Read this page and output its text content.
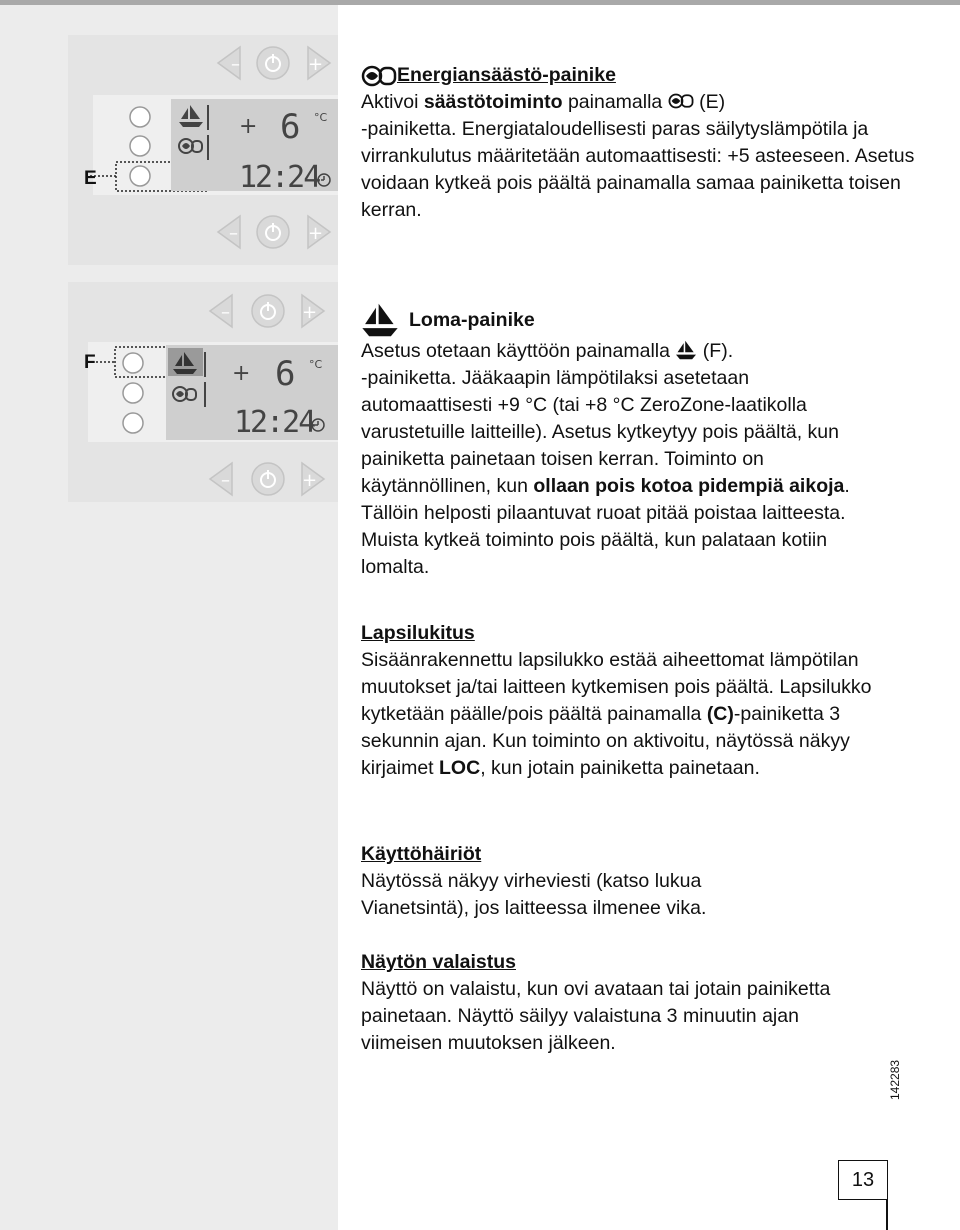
–	+
+ 6 °C
12:24
–	+
E
–	+
+ 6 °C
12:24
–	+
F
Energiansäästö-painike

Aktivoi säästötoiminto painamalla  (E)
-painiketta. Energiataloudellisesti paras säilytyslämpötila ja virrankulutus määritetään automaattisesti: +5 asteeseen. Asetus voidaan kytkeä pois päältä painamalla samaa painiketta toisen kerran.

Loma-painike

Asetus otetaan käyttöön painamalla  (F).
-painiketta. Jääkaapin lämpötilaksi asetetaan automaattisesti +9 °C (tai +8 °C ZeroZone-laatikolla varustetuille laitteille). Asetus kytkeytyy pois päältä, kun painiketta painetaan toisen kerran. Toiminto on käytännöllinen, kun ollaan pois kotoa pidempiä aikoja. Tällöin helposti pilaantuvat ruoat pitää poistaa laitteesta. Muista kytkeä toiminto pois päältä, kun palataan kotiin lomalta.

Lapsilukitus

Sisäänrakennettu lapsilukko estää aiheettomat lämpötilan muutokset ja/tai laitteen kytkemisen pois päältä. Lapsilukko kytketään päälle/pois päältä painamalla (C)-painiketta 3 sekunnin ajan. Kun toiminto on aktivoitu, näytössä näkyy kirjaimet LOC, kun jotain painiketta painetaan.

Käyttöhäiriöt

Näytössä näkyy virheviesti (katso lukua Vianetsintä), jos laitteessa ilmenee vika.

Näytön valaistus

Näyttö on valaistu, kun ovi avataan tai jotain painiketta painetaan. Näyttö säilyy valaistuna 3 minuutin ajan viimeisen muutoksen jälkeen.

142283
13
